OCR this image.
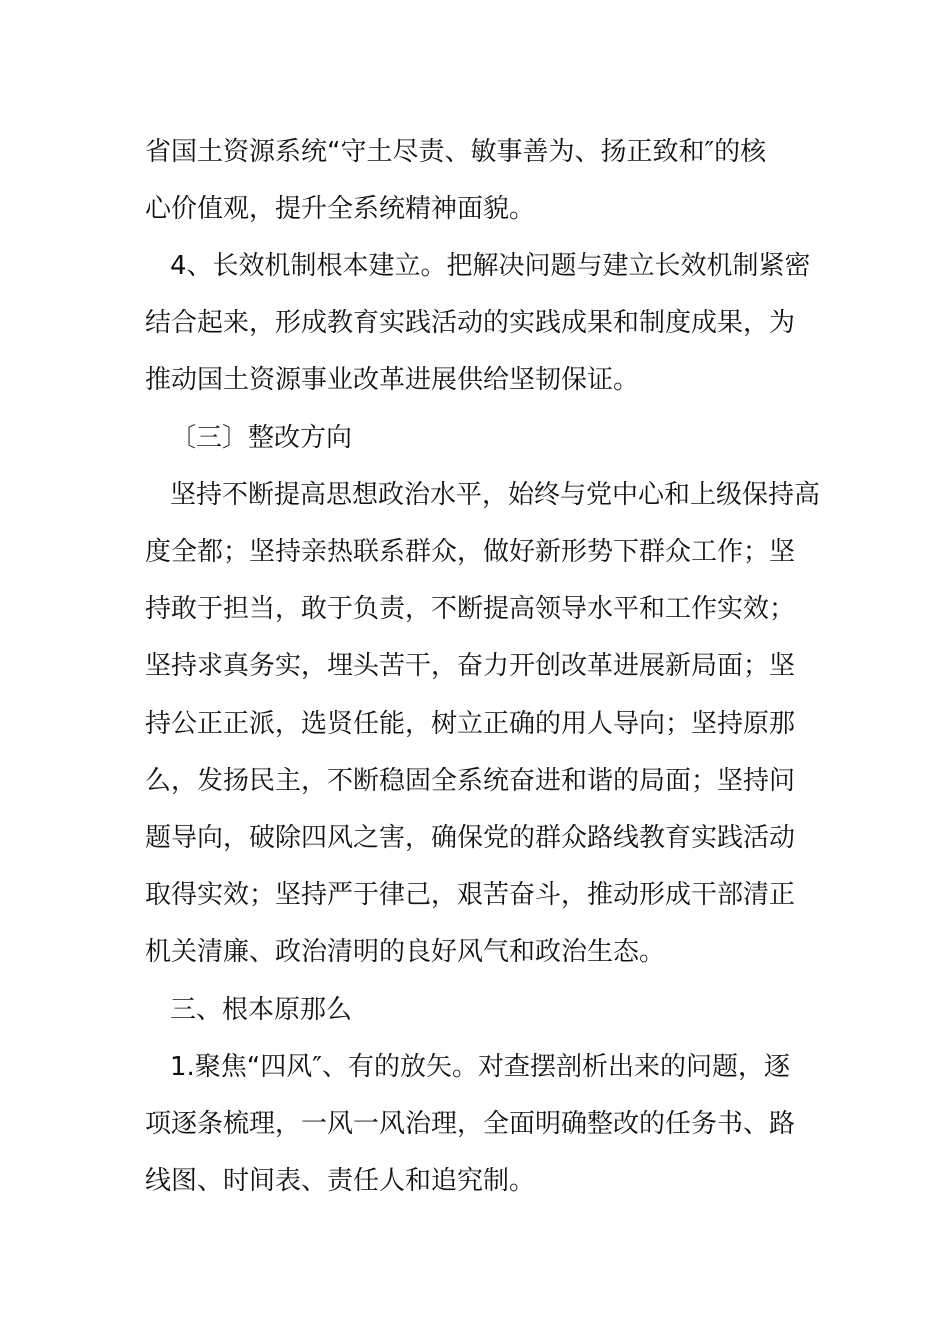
省国土资源系统“守土尽责、敏事善为、扬正致和″的核
心价值观，提升全系统精神面貌。
4、长效机制根本建立。把解决问题与建立长效机制紧密
结合起来，形成教育实践活动的实践成果和制度成果，为
推动国土资源事业改革进展供给坚韧保证。
〔三〕整改方向
坚持不断提高思想政治水平，始终与党中心和上级保持高
度全都；坚持亲热联系群众，做好新形势下群众工作；坚
持敢于担当，敢于负责，不断提高领导水平和工作实效；
坚持求真务实，埋头苦干，奋力开创改革进展新局面；坚
持公正正派，选贤任能，树立正确的用人导向；坚持原那
么，发扬民主，不断稳固全系统奋进和谐的局面；坚持问
题导向，破除四风之害，确保党的群众路线教育实践活动
取得实效；坚持严于律己，艰苦奋斗，推动形成干部清正
机关清廉、政治清明的良好风气和政治生态。
三、根本原那么
1.聚焦“四风″、有的放矢。对查摆剖析出来的问题，逐
项逐条梳理，一风一风治理，全面明确整改的任务书、路
线图、时间表、责任人和追究制。
